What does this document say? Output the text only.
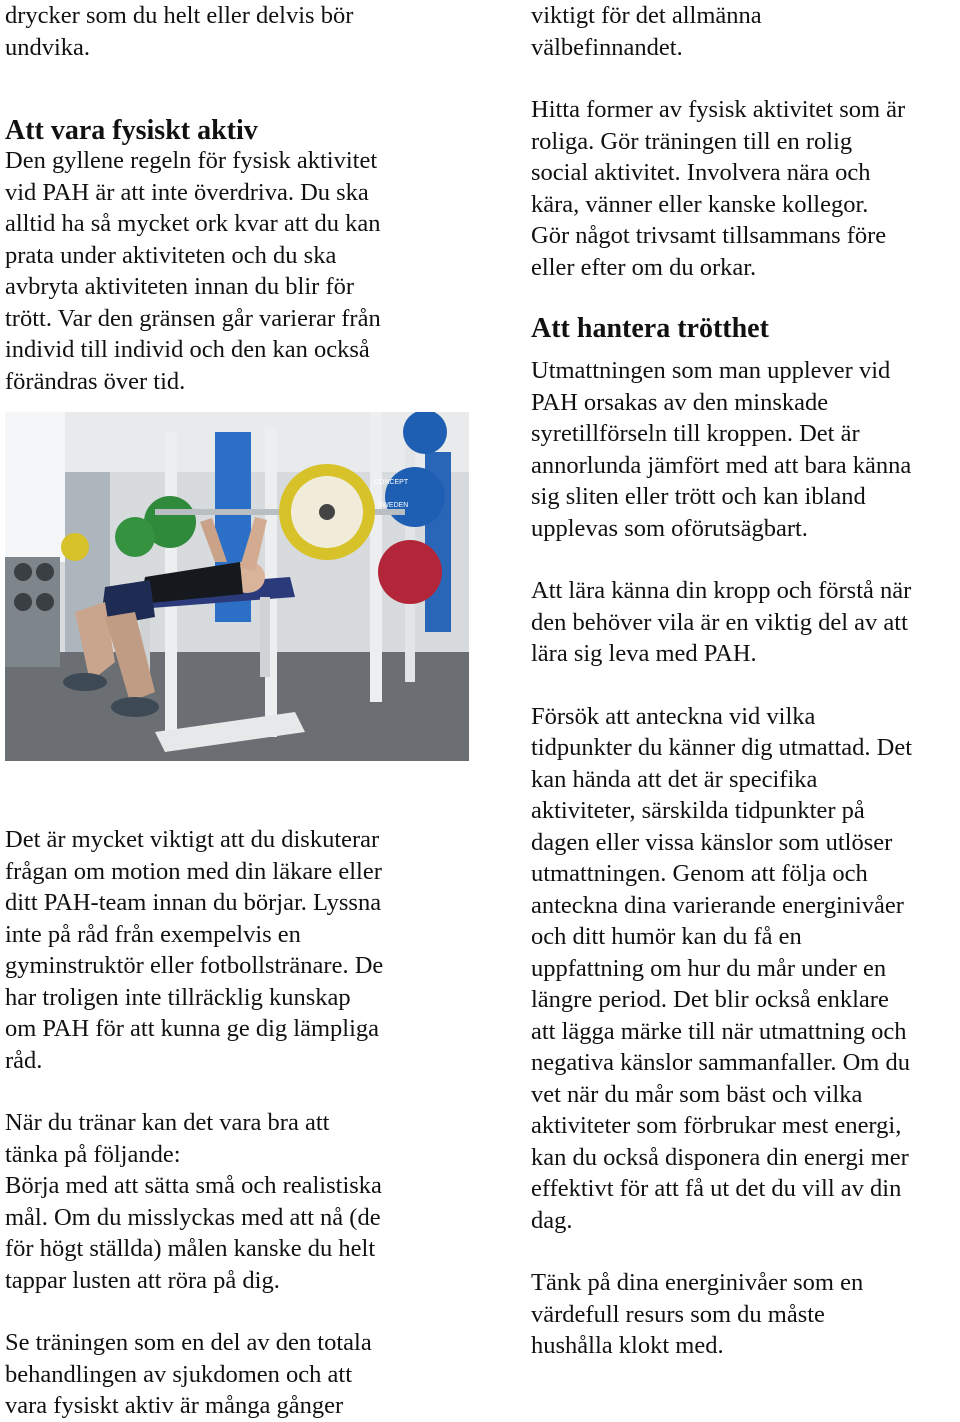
drycker som du helt eller delvis bör
undvika.

Att vara fysiskt aktiv

Den gyllene regeln för fysisk aktivitet
vid PAH är att inte överdriva. Du ska
alltid ha så mycket ork kvar att du kan
prata under aktiviteten och du ska
avbryta aktiviteten innan du blir för
trött. Var den gränsen går varierar från
individ till individ och den kan också
förändras över tid.

Det är mycket viktigt att du diskuterar
frågan om motion med din läkare eller
ditt PAH-team innan du börjar. Lyssna
inte på råd från exempelvis en
gyminstruktör eller fotbollstränare. De
har troligen inte tillräcklig kunskap
om PAH för att kunna ge dig lämpliga
råd.

När du tränar kan det vara bra att
tänka på följande:
Börja med att sätta små och realistiska
mål. Om du misslyckas med att nå (de
för högt ställda) målen kanske du helt
tappar lusten att röra på dig.

Se träningen som en del av den totala
behandlingen av sjukdomen och att
vara fysiskt aktiv är många gånger

CONCEPT
SWEDEN

viktigt för det allmänna
välbefinnandet.

Hitta former av fysisk aktivitet som är
roliga. Gör träningen till en rolig
social aktivitet. Involvera nära och
kära, vänner eller kanske kollegor.
Gör något trivsamt tillsammans före
eller efter om du orkar.

Att hantera trötthet

Utmattningen som man upplever vid
PAH orsakas av den minskade
syretillförseln till kroppen. Det är
annorlunda jämfört med att bara känna
sig sliten eller trött och kan ibland
upplevas som oförutsägbart.

Att lära känna din kropp och förstå när
den behöver vila är en viktig del av att
lära sig leva med PAH.

Försök att anteckna vid vilka
tidpunkter du känner dig utmattad. Det
kan hända att det är specifika
aktiviteter, särskilda tidpunkter på
dagen eller vissa känslor som utlöser
utmattningen. Genom att följa och
anteckna dina varierande energinivåer
och ditt humör kan du få en
uppfattning om hur du mår under en
längre period. Det blir också enklare
att lägga märke till när utmattning och
negativa känslor sammanfaller. Om du
vet när du mår som bäst och vilka
aktiviteter som förbrukar mest energi,
kan du också disponera din energi mer
effektivt för att få ut det du vill av din
dag.

Tänk på dina energinivåer som en
värdefull resurs som du måste
hushålla klokt med.
